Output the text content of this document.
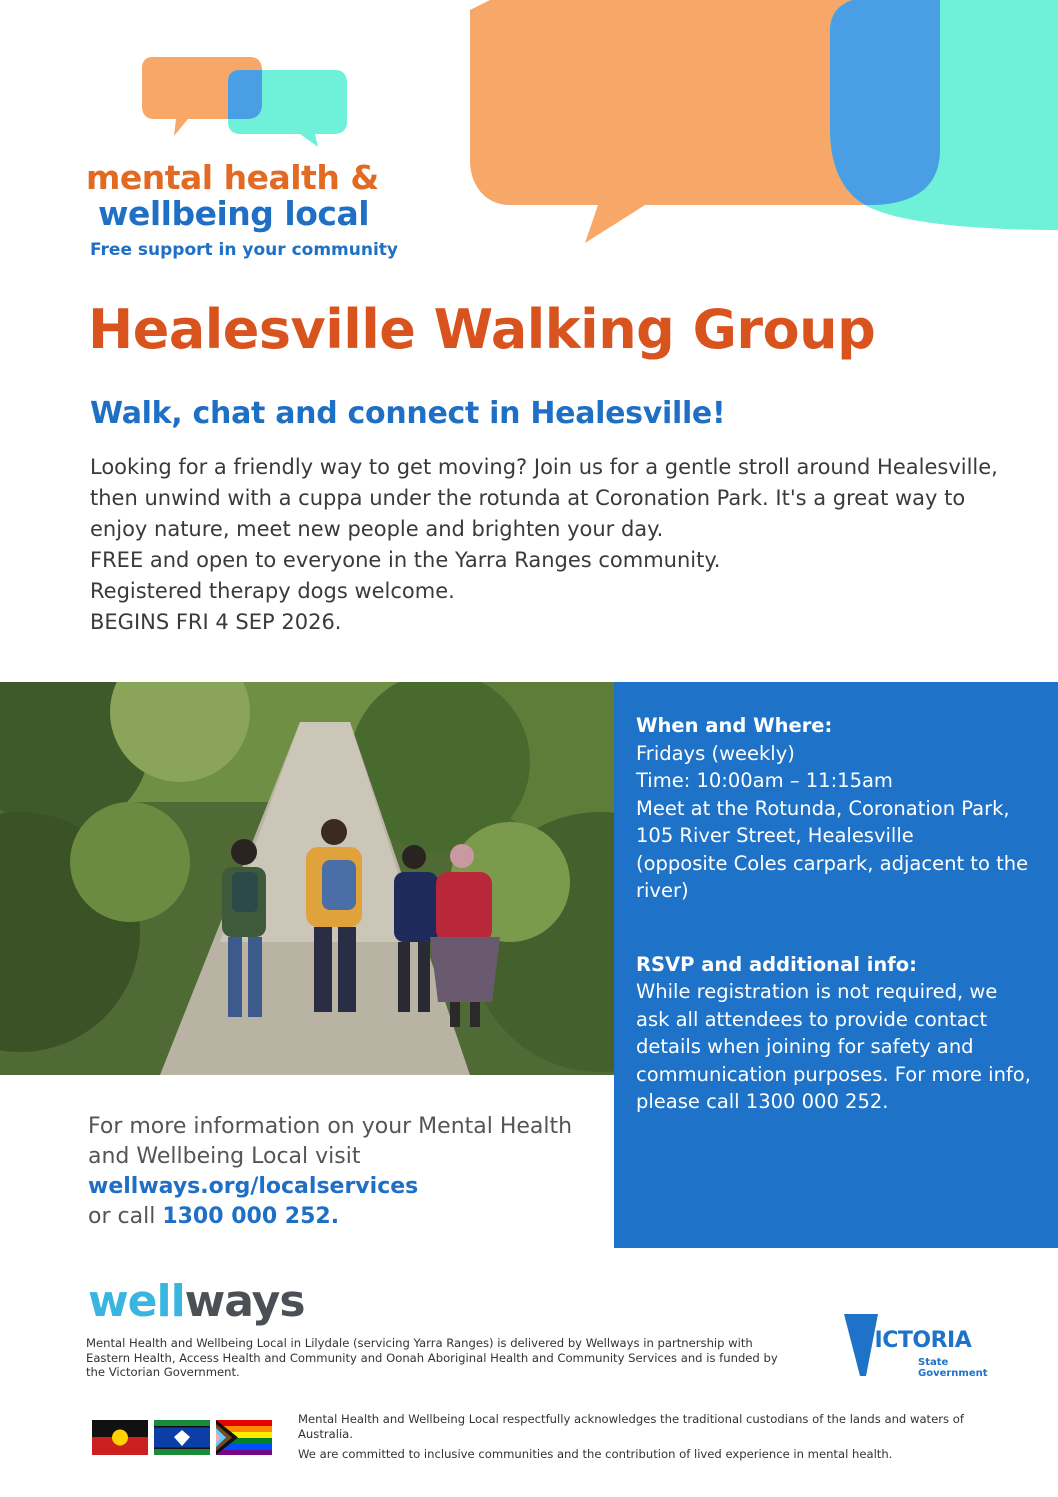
mental health &
wellbeing local
Free support in your community
Healesville Walking Group
Walk, chat and connect in Healesville!

Looking for a friendly way to get moving? Join us for a gentle stroll around Healesville, then unwind with a cuppa under the rotunda at Coronation Park. It's a great way to enjoy nature, meet new people and brighten your day.

FREE and open to everyone in the Yarra Ranges community.

Registered therapy dogs welcome.

BEGINS FRI 4 SEP 2026.

When and Where:

Fridays (weekly)

Time: 10:00am – 11:15am

Meet at the Rotunda, Coronation Park,

105 River Street, Healesville

(opposite Coles carpark, adjacent to the river)

RSVP and additional info:

While registration is not required, we ask all attendees to provide contact details when joining for safety and communication purposes. For more info, please call 1300 000 252.

For more information on your Mental Health and Wellbeing Local visit

wellways.org/localservices

or call 1300 000 252.

wellways
Mental Health and Wellbeing Local in Lilydale (servicing Yarra Ranges) is delivered by Wellways in partnership with Eastern Health, Access Health and Community and Oonah Aboriginal Health and Community Services and is funded by the Victorian Government.
VICTORIA
State
Government

Mental Health and Wellbeing Local respectfully acknowledges the traditional custodians of the lands and waters of Australia.

We are committed to inclusive communities and the contribution of lived experience in mental health.
